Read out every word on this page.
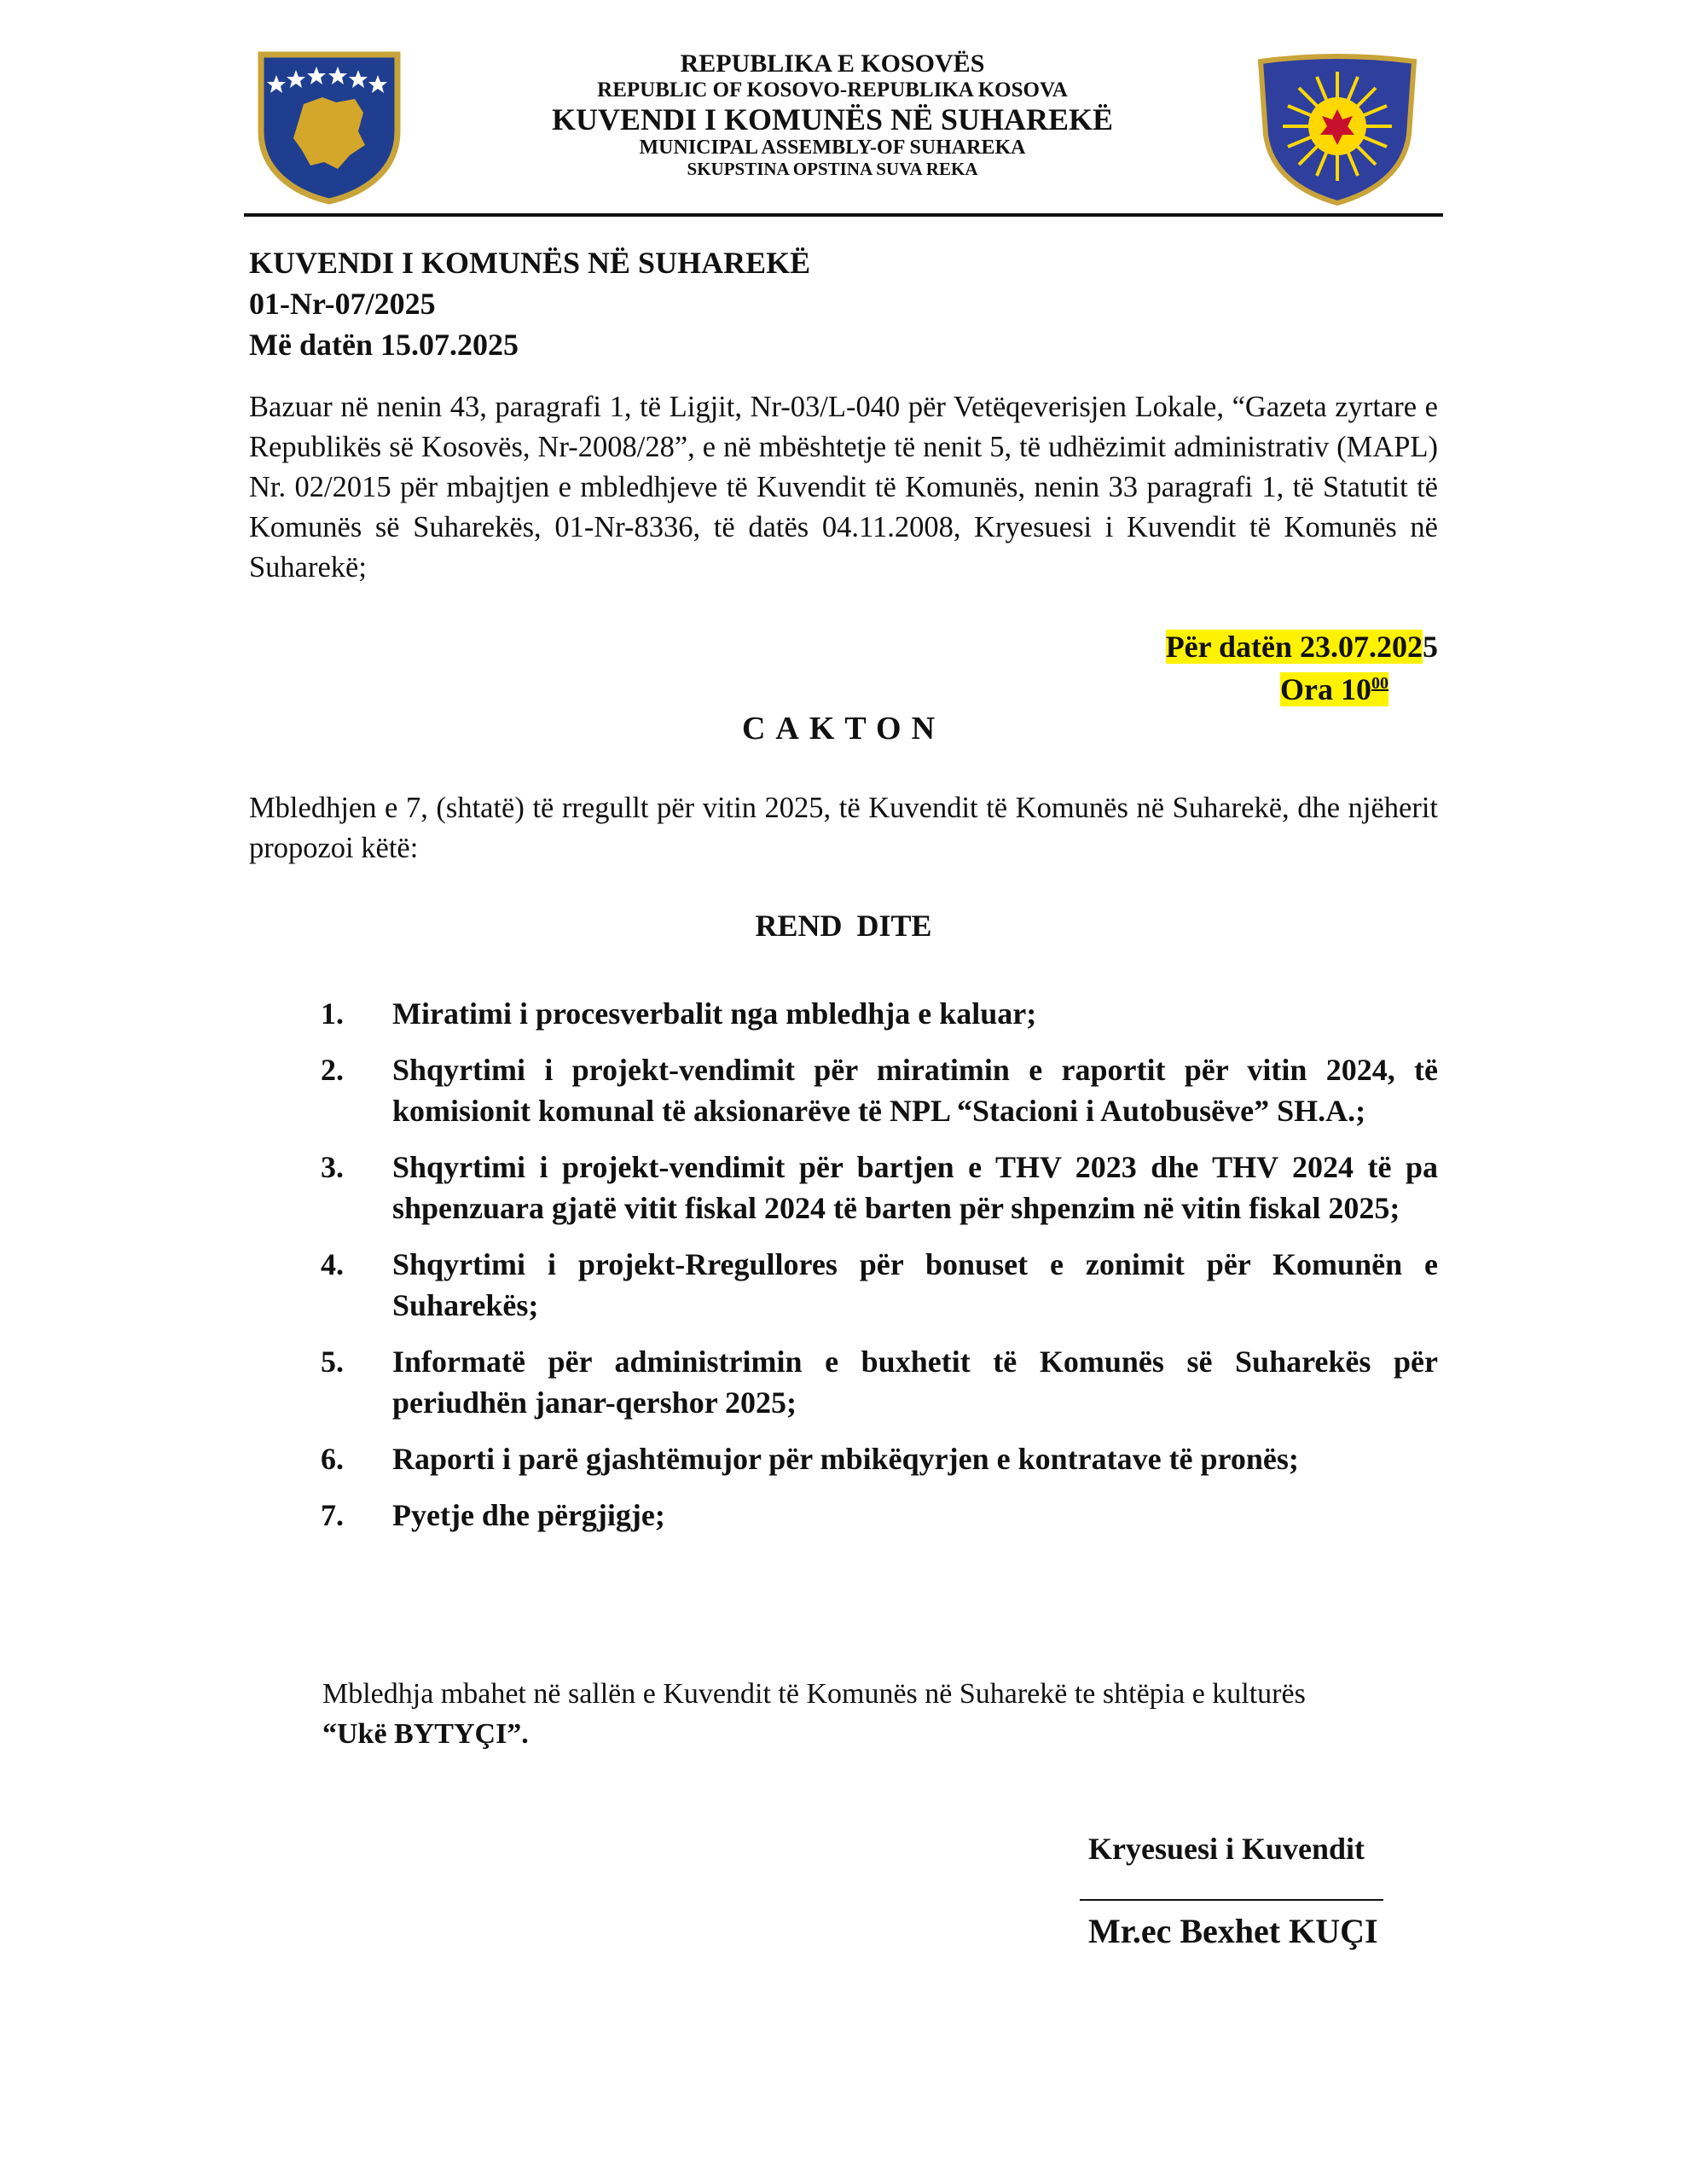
REPUBLIKA E KOSOVËS
REPUBLIC OF KOSOVO-REPUBLIKA KOSOVA
KUVENDI I KOMUNËS NË SUHAREKË
MUNICIPAL ASSEMBLY-OF SUHAREKA
SKUPSTINA OPSTINA SUVA REKA
KUVENDI I KOMUNËS NË SUHAREKË
01-Nr-07/2025
Më datën 15.07.2025
Bazuar në nenin 43, paragrafi 1, të Ligjit, Nr-03/L-040 për Vetëqeverisjen Lokale, “Gazeta zyrtare e Republikës së Kosovës, Nr-2008/28”, e në mbështetje të nenit 5, të udhëzimit administrativ (MAPL) Nr. 02/2015 për mbajtjen e mbledhjeve të Kuvendit të Komunës, nenin 33 paragrafi 1, të Statutit të Komunës së Suharekës, 01-Nr-8336, të datës 04.11.2008, Kryesuesi i Kuvendit të Komunës në Suharekë;
Për datën 23.07.2025
Ora $10^{00}$
CAKTON
Mbledhjen e 7, (shtatë) të rregullt për vitin 2025, të Kuvendit të Komunës në Suharekë, dhe njëherit propozoi këtë:
REND DITE
1. Miratimi i procesverbalit nga mbledhja e kaluar;
2. Shqyrtimi i projekt-vendimit për miratimin e raportit për vitin 2024, të komisionit komunal të aksionarëve të NPL “Stacioni i Autobusëve” SH.A.;
3. Shqyrtimi i projekt-vendimit për bartjen e THV 2023 dhe THV 2024 të pa shpenzuara gjatë vitit fiskal 2024 të barten për shpenzim në vitin fiskal 2025;
4. Shqyrtimi i projekt-Rregullores për bonuset e zonimit për Komunën e Suharekës;
5. Informatë për administrimin e buxhetit të Komunës së Suharekës për periudhën janar-qershor 2025;
6. Raporti i parë gjashtëmujor për mbikëqyrjen e kontratave të pronës;
7. Pyetje dhe përgjigje;
Mbledhja mbahet në sallën e Kuvendit të Komunës në Suharekë te shtëpia e kulturës
“Ukë BYTYÇI”.
Kryesuesi i Kuvendit
Mr.ec Bexhet KUÇI
